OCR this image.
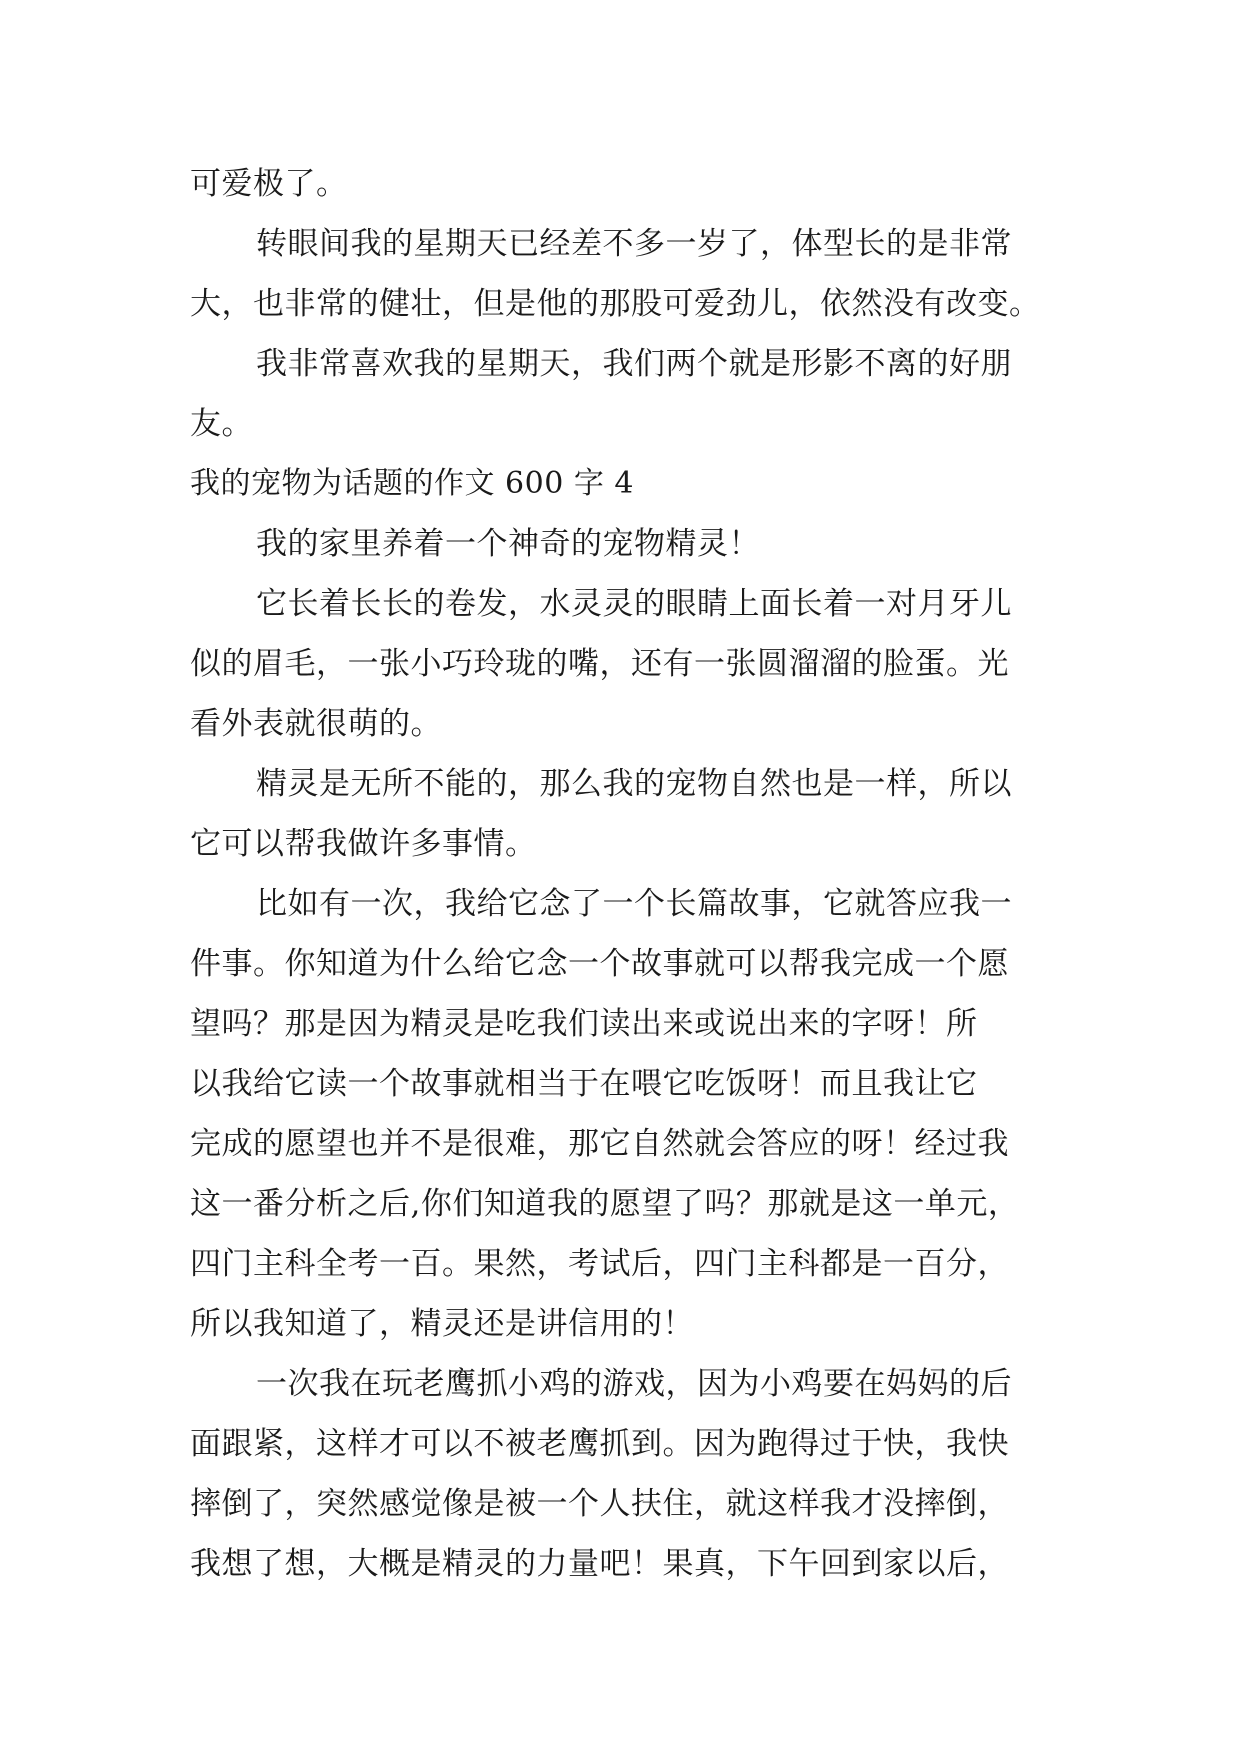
可爱极了。
转眼间我的星期天已经差不多一岁了，体型长的是非常
大，也非常的健壮，但是他的那股可爱劲儿，依然没有改变。
我非常喜欢我的星期天，我们两个就是形影不离的好朋
友。
我的宠物为话题的作文 600 字 4
我的家里养着一个神奇的宠物精灵！
它长着长长的卷发，水灵灵的眼睛上面长着一对月牙儿
似的眉毛，一张小巧玲珑的嘴，还有一张圆溜溜的脸蛋。光
看外表就很萌的。
精灵是无所不能的，那么我的宠物自然也是一样，所以
它可以帮我做许多事情。
比如有一次，我给它念了一个长篇故事，它就答应我一
件事。你知道为什么给它念一个故事就可以帮我完成一个愿
望吗？那是因为精灵是吃我们读出来或说出来的字呀！所
以我给它读一个故事就相当于在喂它吃饭呀！而且我让它
完成的愿望也并不是很难，那它自然就会答应的呀！经过我
这一番分析之后,你们知道我的愿望了吗？那就是这一单元，
四门主科全考一百。果然，考试后，四门主科都是一百分，
所以我知道了，精灵还是讲信用的！
一次我在玩老鹰抓小鸡的游戏，因为小鸡要在妈妈的后
面跟紧，这样才可以不被老鹰抓到。因为跑得过于快，我快
摔倒了，突然感觉像是被一个人扶住，就这样我才没摔倒，
我想了想，大概是精灵的力量吧！果真，下午回到家以后，
